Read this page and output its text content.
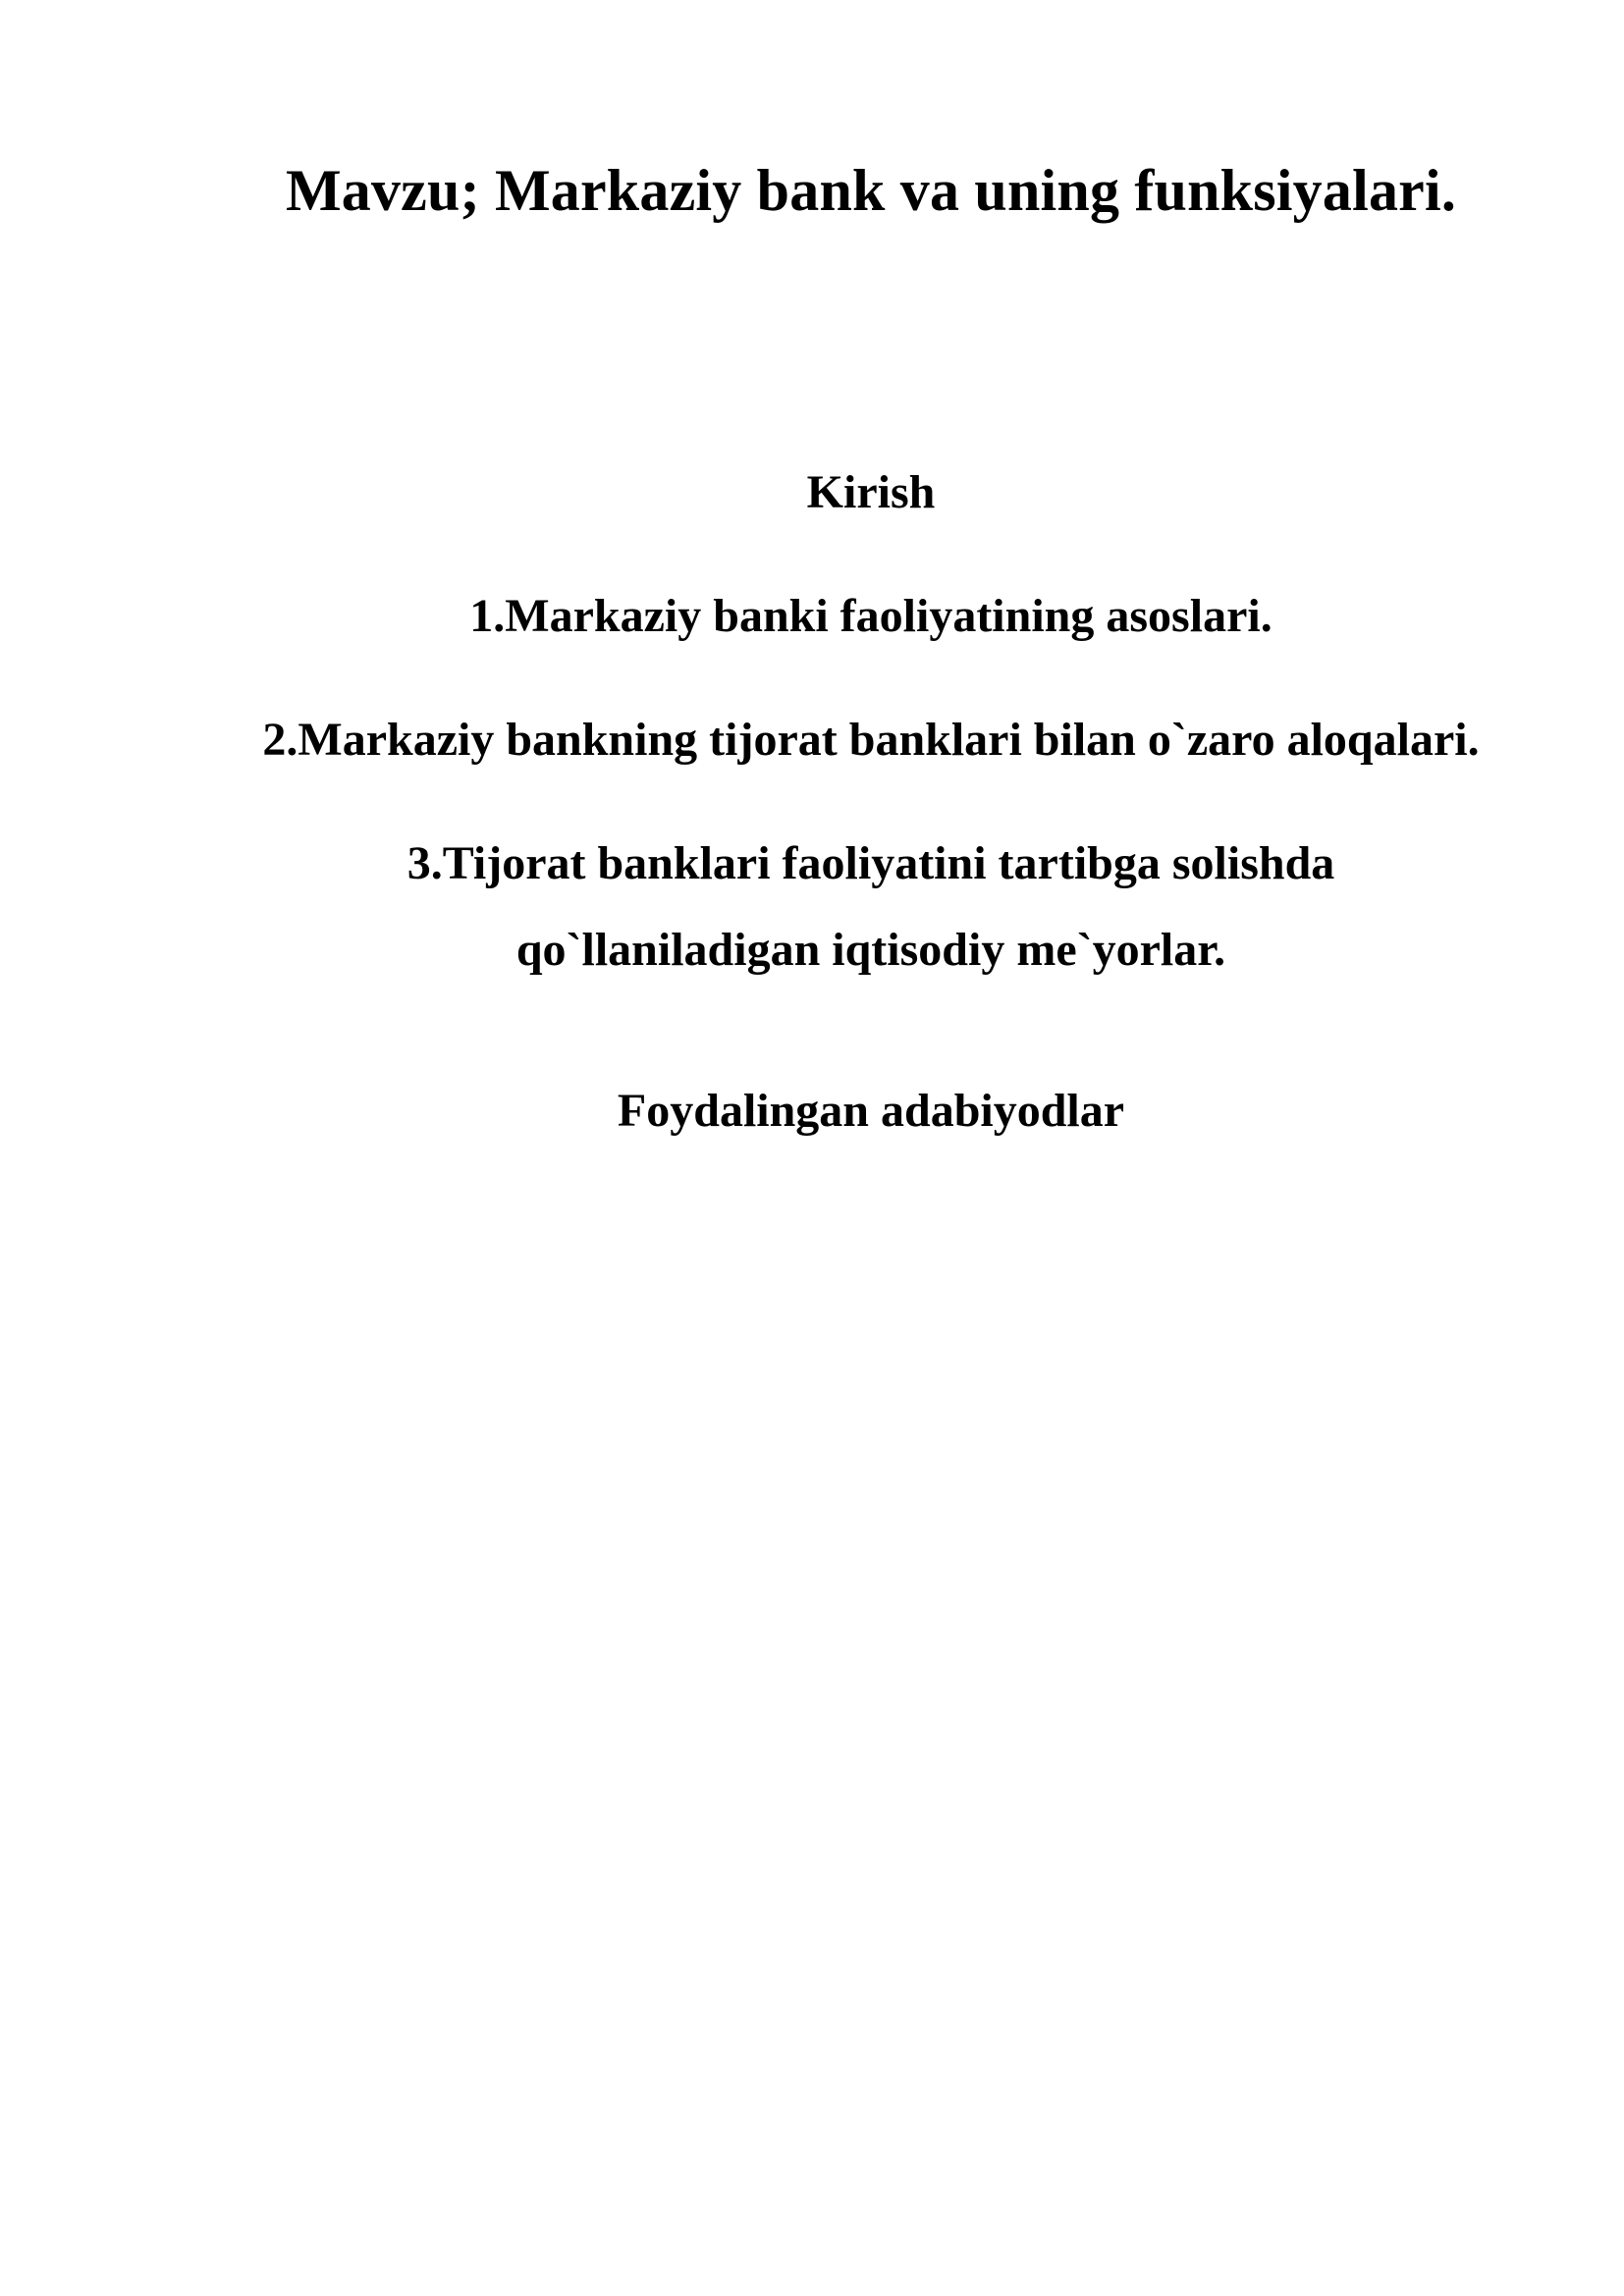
Mavzu; Markaziy bank va uning funksiyalari.
Kirish
1.Markaziy banki faoliyatining asoslari.
2.Markaziy bankning tijorat banklari bilan o`zaro aloqalari.
3.Tijorat banklari faoliyatini tartibga solishda
qo`llaniladigan iqtisodiy me`yorlar.
Foydalingan adabiyodlar
